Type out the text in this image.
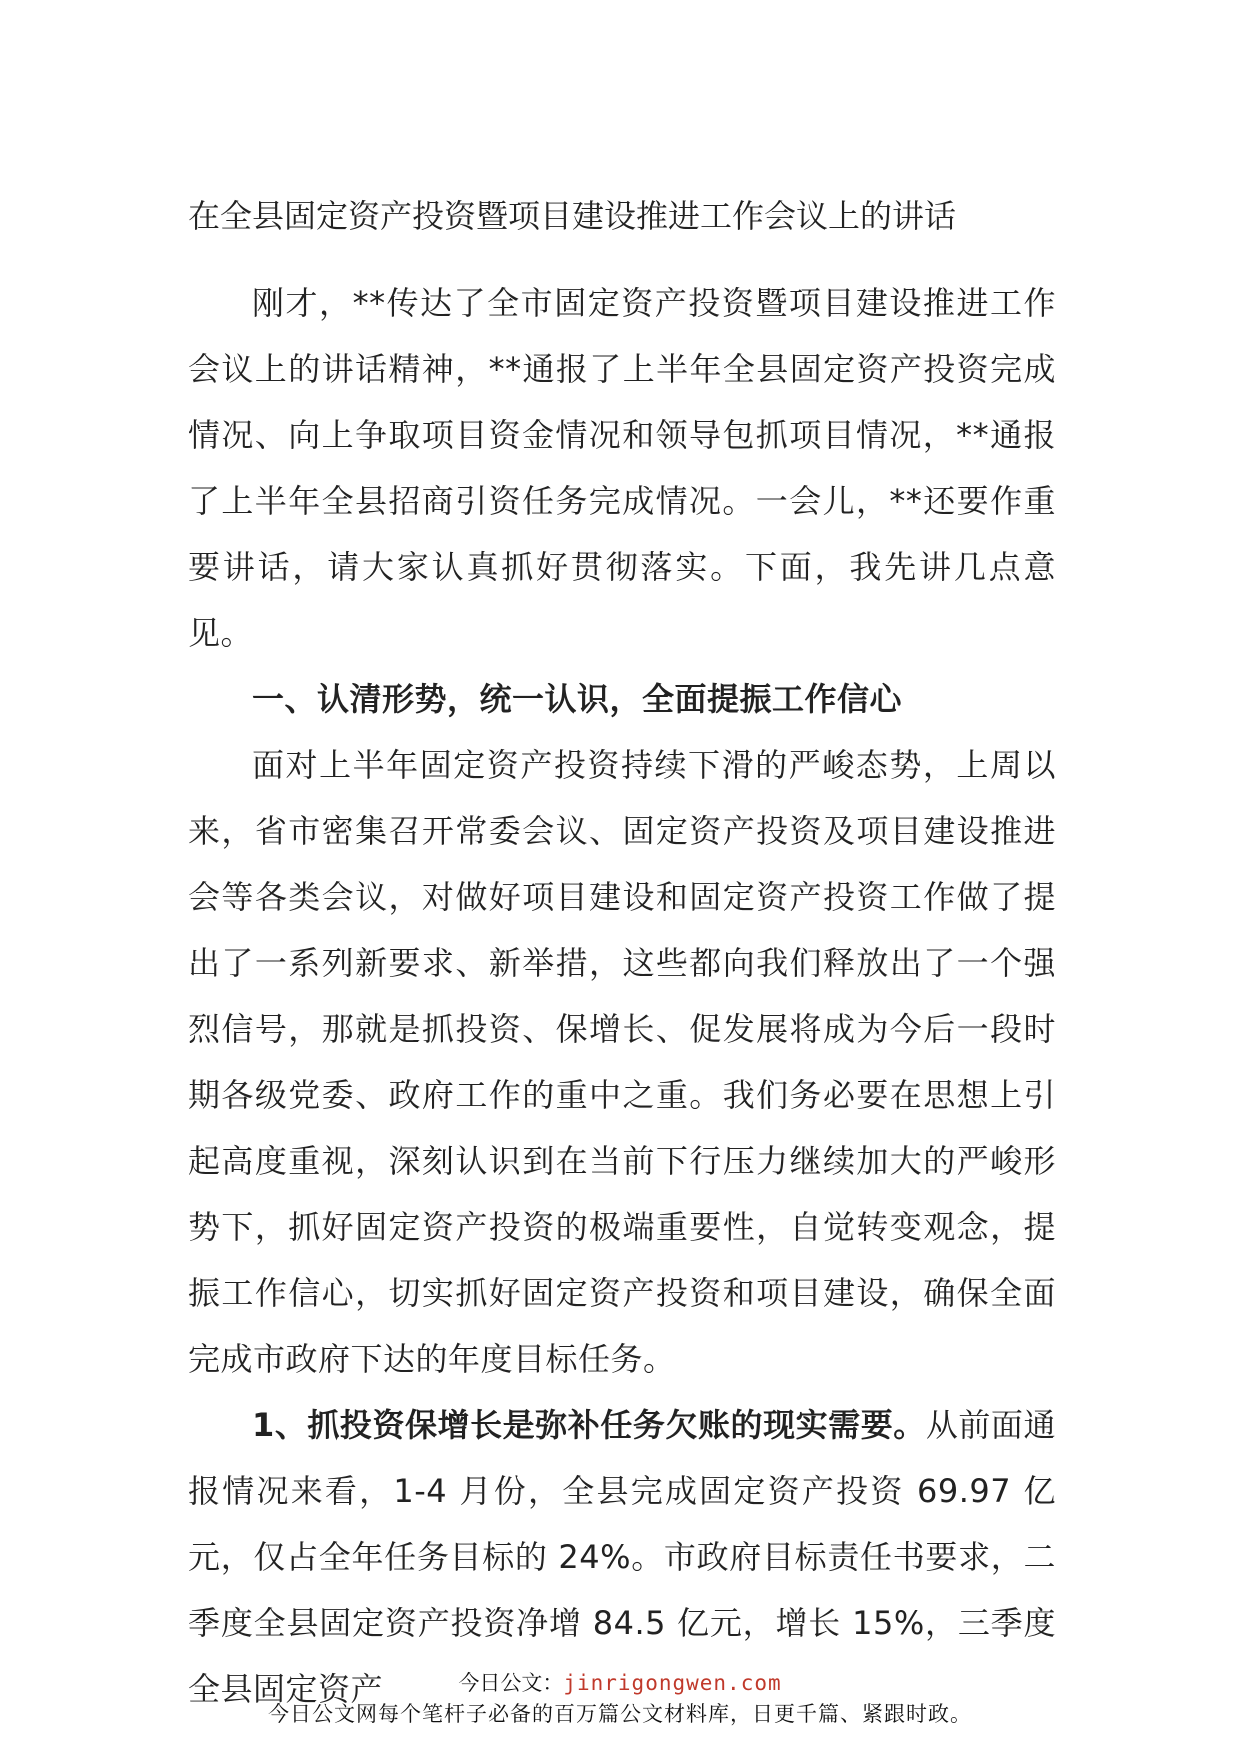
在全县固定资产投资暨项目建设推进工作会议上的讲话

刚才，**传达了全市固定资产投资暨项目建设推进工作会议上的讲话精神，**通报了上半年全县固定资产投资完成情况、向上争取项目资金情况和领导包抓项目情况，**通报了上半年全县招商引资任务完成情况。一会儿，**还要作重要讲话，请大家认真抓好贯彻落实。下面，我先讲几点意见。

一、认清形势，统一认识，全面提振工作信心

面对上半年固定资产投资持续下滑的严峻态势，上周以来，省市密集召开常委会议、固定资产投资及项目建设推进会等各类会议，对做好项目建设和固定资产投资工作做了提出了一系列新要求、新举措，这些都向我们释放出了一个强烈信号，那就是抓投资、保增长、促发展将成为今后一段时期各级党委、政府工作的重中之重。我们务必要在思想上引起高度重视，深刻认识到在当前下行压力继续加大的严峻形势下，抓好固定资产投资的极端重要性，自觉转变观念，提振工作信心，切实抓好固定资产投资和项目建设，确保全面完成市政府下达的年度目标任务。

1、抓投资保增长是弥补任务欠账的现实需要。从前面通报情况来看，1-4 月份，全县完成固定资产投资 69.97 亿元，仅占全年任务目标的 24%。市政府目标责任书要求，二季度全县固定资产投资净增 84.5 亿元，增长 15%，三季度全县固定资产	今日公文：jinrigongwen.com
今日公文网每个笔杆子必备的百万篇公文材料库，日更千篇、紧跟时政。
